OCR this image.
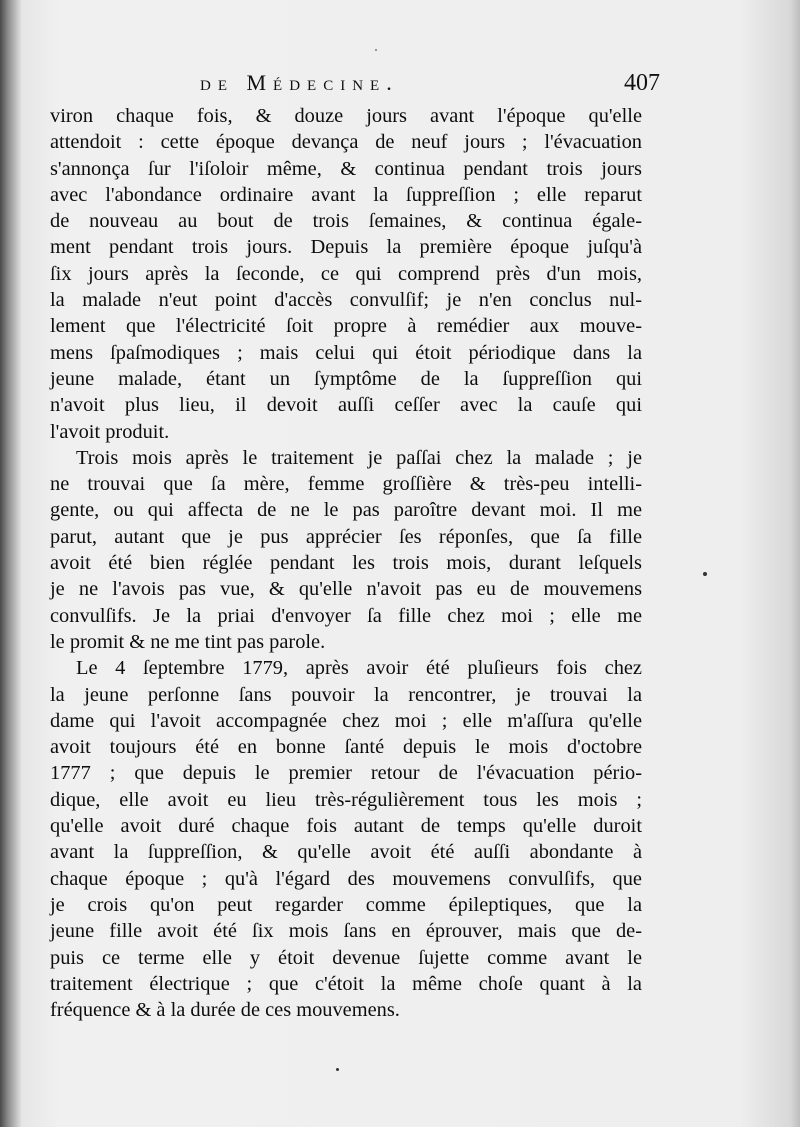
de Médecine.	407
viron chaque fois, & douze jours avant l'époque qu'elle
attendoit : cette époque devança de neuf jours ; l'évacuation
s'annonça ſur l'iſoloir même, & continua pendant trois jours
avec l'abondance ordinaire avant la ſuppreſſion ; elle reparut
de nouveau au bout de trois ſemaines, & continua égale-
ment pendant trois jours. Depuis la première époque juſqu'à
ſix jours après la ſeconde, ce qui comprend près d'un mois,
la malade n'eut point d'accès convulſif; je n'en conclus nul-
lement que l'électricité ſoit propre à remédier aux mouve-
mens ſpaſmodiques ; mais celui qui étoit périodique dans la
jeune malade, étant un ſymptôme de la ſuppreſſion qui
n'avoit plus lieu, il devoit auſſi ceſſer avec la cauſe qui
l'avoit produit.
Trois mois après le traitement je paſſai chez la malade ; je
ne trouvai que ſa mère, femme groſſière & très-peu intelli-
gente, ou qui affecta de ne le pas paroître devant moi. Il me
parut, autant que je pus apprécier ſes réponſes, que ſa fille
avoit été bien réglée pendant les trois mois, durant leſquels
je ne l'avois pas vue, & qu'elle n'avoit pas eu de mouvemens
convulſifs. Je la priai d'envoyer ſa fille chez moi ; elle me
le promit & ne me tint pas parole.
Le 4 ſeptembre 1779, après avoir été pluſieurs fois chez
la jeune perſonne ſans pouvoir la rencontrer, je trouvai la
dame qui l'avoit accompagnée chez moi ; elle m'aſſura qu'elle
avoit toujours été en bonne ſanté depuis le mois d'octobre
1777 ; que depuis le premier retour de l'évacuation pério-
dique, elle avoit eu lieu très-régulièrement tous les mois ;
qu'elle avoit duré chaque fois autant de temps qu'elle duroit
avant la ſuppreſſion, & qu'elle avoit été auſſi abondante à
chaque époque ; qu'à l'égard des mouvemens convulſifs, que
je crois qu'on peut regarder comme épileptiques, que la
jeune fille avoit été ſix mois ſans en éprouver, mais que de-
puis ce terme elle y étoit devenue ſujette comme avant le
traitement électrique ; que c'étoit la même choſe quant à la
fréquence & à la durée de ces mouvemens.
